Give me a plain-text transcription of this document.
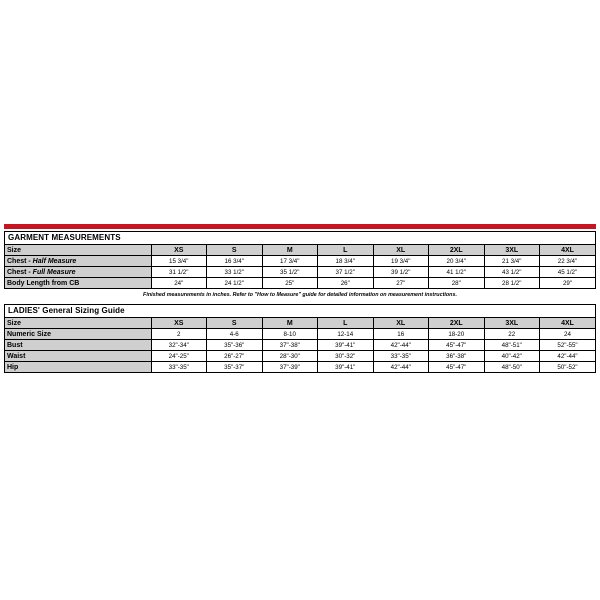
GARMENT MEASUREMENTS
Size	XS	S	M	L	XL	2XL	3XL	4XL
Chest - Half Measure	15 3/4"	16 3/4"	17 3/4"	18 3/4"	19 3/4"	20 3/4"	21 3/4"	22 3/4"
Chest - Full Measure	31 1/2"	33 1/2"	35 1/2"	37 1/2"	39 1/2"	41 1/2"	43 1/2"	45 1/2"
Body Length from CB	24"	24 1/2"	25"	26"	27"	28"	28 1/2"	29"
Finished measurements in inches. Refer to "How to Measure" guide for detailed information on measurement instructions.
LADIES' General Sizing Guide
Size	XS	S	M	L	XL	2XL	3XL	4XL
Numeric Size	2	4-6	8-10	12-14	16	18-20	22	24
Bust	32"-34"	35"-36"	37"-38"	39"-41"	42"-44"	45"-47"	48"-51"	52"-55"
Waist	24"-25"	26"-27"	28"-30"	30"-32"	33"-35"	36"-38"	40"-42"	42"-44"
Hip	33"-35"	35"-37"	37"-39"	39"-41"	42"-44"	45"-47"	48"-50"	50"-52"
